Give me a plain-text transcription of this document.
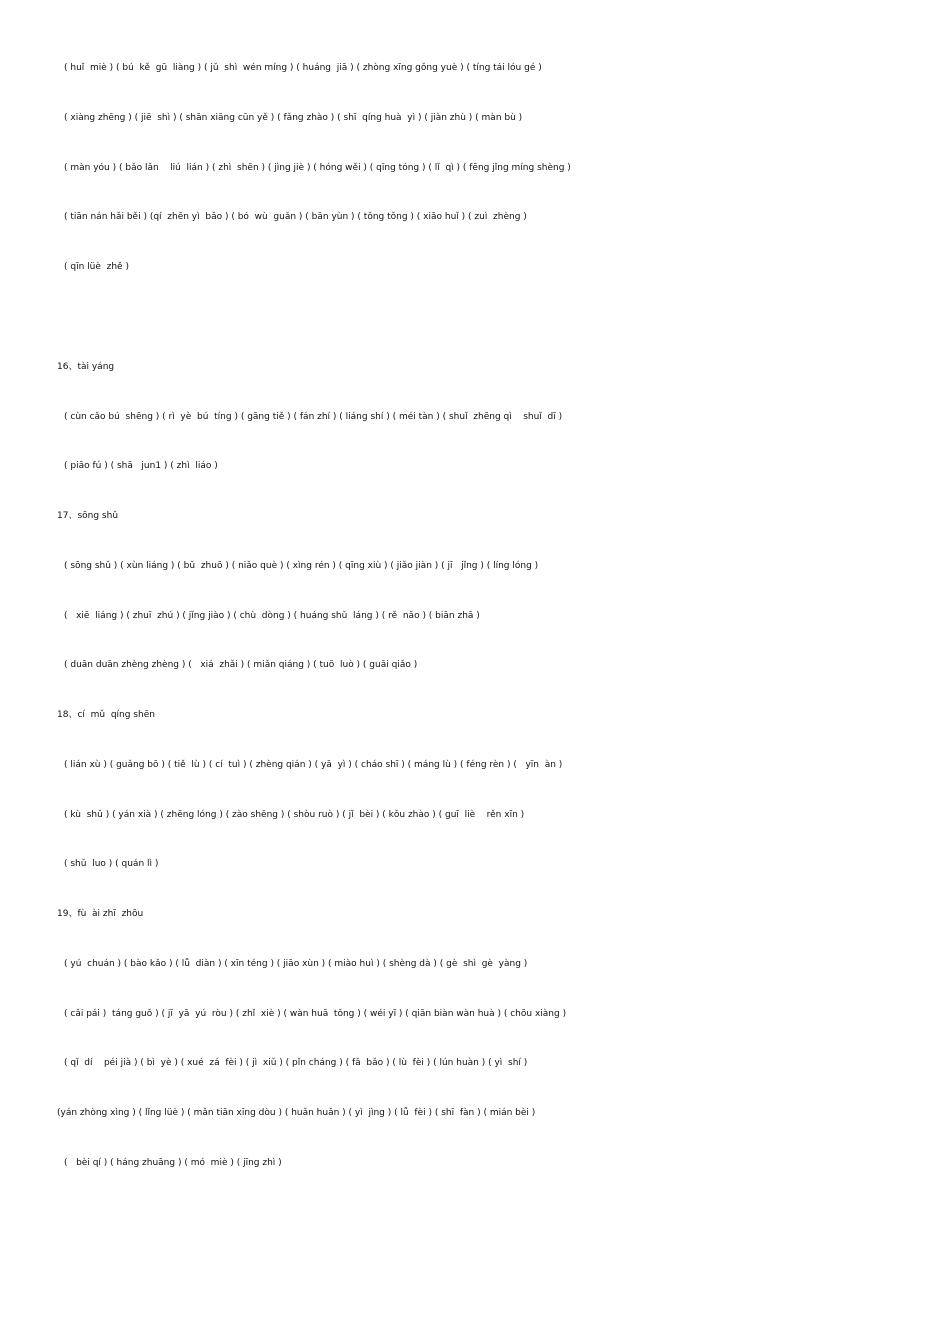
( huǐ  miè ) ( bú  kě  gū  liàng ) ( jǔ  shì  wén míng ) ( huáng  jiā ) ( zhòng xīng gǒng yuè ) ( tíng tái lóu gé )
( xiàng zhēng ) ( jiē  shì ) ( shān xiāng cūn yě ) ( fǎng zhào ) ( shī  qíng huà  yì ) ( jiàn zhù ) ( màn bù )
( màn yóu ) ( bǎo lǎn    liú  lián ) ( zhì  shēn ) ( jìng jiè ) ( hóng wěi ) ( qīng tóng ) ( lǐ  qì ) ( fēng jǐng míng shèng )
( tiān nán hǎi běi ) (qí  zhēn yì  bǎo ) ( bó  wù  guǎn ) ( bān yùn ) ( tǒng tǒng ) ( xiāo huǐ ) ( zuì  zhèng )
( qīn lüè  zhě )
16、tài yáng
( cùn cǎo bú  shēng ) ( rì  yè  bú  tíng ) ( gāng tiě ) ( fán zhí ) ( liáng shí ) ( méi tàn ) ( shuǐ  zhēng qì    shuǐ  dī )
( piāo fú ) ( shā   jun1 ) ( zhì  liáo )
17、sōng shǔ
( sōng shǔ ) ( xùn liáng ) ( bǔ  zhuō ) ( niǎo què ) ( xìng rén ) ( qīng xiù ) ( jiǎo jiàn ) ( jī   jǐng ) ( líng lóng )
(   xiē  liáng ) ( zhuī  zhú ) ( jǐng jiào ) ( chù  dòng ) ( huáng shǔ  láng ) ( rě  nǎo ) ( biān zhā )
( duān duān zhèng zhèng ) (   xiá  zhǎi ) ( miǎn qiáng ) ( tuō  luò ) ( guāi qiǎo )
18、cí  mǔ  qíng shēn
( lián xù ) ( guǎng bō ) ( tiě  lù ) ( cí  tuì ) ( zhèng qián ) ( yā  yì ) ( cháo shī ) ( máng lù ) ( féng rèn ) (   yīn  àn )
( kù  shǔ ) ( yán xià ) ( zhēng lóng ) ( zào shēng ) ( shòu ruò ) ( jǐ  bèi ) ( kǒu zhào ) ( guī  liè    rěn xīn )
( shǔ  luo ) ( quán lì )
19、fù  ài zhī  zhōu
( yú  chuán ) ( bào kǎo ) ( lǚ  diàn ) ( xīn téng ) ( jiāo xùn ) ( miào huì ) ( shèng dà ) ( gè  shì  gè  yàng )
( cǎi pái )  táng guǒ ) ( jī  yā  yú  ròu ) ( zhǐ  xiè ) ( wàn huā  tǒng ) ( wéi yī ) ( qiān biàn wàn huà ) ( chōu xiàng )
( qǐ  dí    péi jià ) ( bì  yè ) ( xué  zá  fèi ) ( jì  xiǔ ) ( pǐn cháng ) ( fǎ  bǎo ) ( lù  fèi ) ( lún huàn ) ( yì  shí )
(yán zhòng xìng ) ( lǐng lüè ) ( mǎn tiān xīng dòu ) ( huǎn huǎn ) ( yì  jìng ) ( lǚ  fèi ) ( shī  fàn ) ( mián bèi )
(   bèi qí ) ( háng zhuāng ) ( mó  miè ) ( jīng zhì )
